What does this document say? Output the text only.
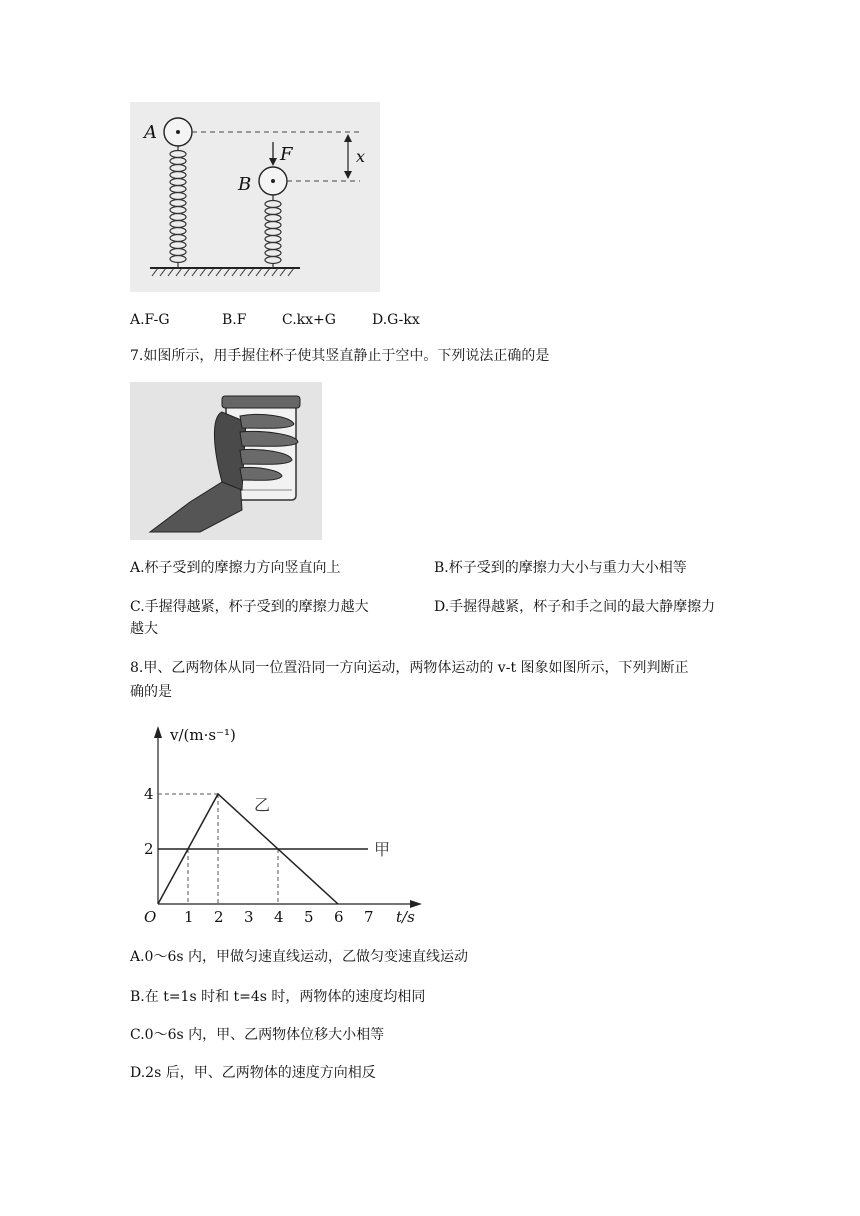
A
B
F	x
A.F-G	B.F	C.kx+G	D.G-kx
7.如图所示，用手握住杯子使其竖直静止于空中。下列说法正确的是
A.杯子受到的摩擦力方向竖直向上	B.杯子受到的摩擦力大小与重力大小相等
C.手握得越紧，杯子受到的摩擦力越大	D.手握得越紧，杯子和手之间的最大静摩擦力
越大
8.甲、乙两物体从同一位置沿同一方向运动，两物体运动的 v-t 图象如图所示，下列判断正
确的是
1 2 3 4 5 6 7
2
4
甲
乙
v/(m·s⁻¹)
t/s
O
A.0～6s 内，甲做匀速直线运动，乙做匀变速直线运动
B.在 t=1s 时和 t=4s 时，两物体的速度均相同
C.0～6s 内，甲、乙两物体位移大小相等
D.2s 后，甲、乙两物体的速度方向相反
